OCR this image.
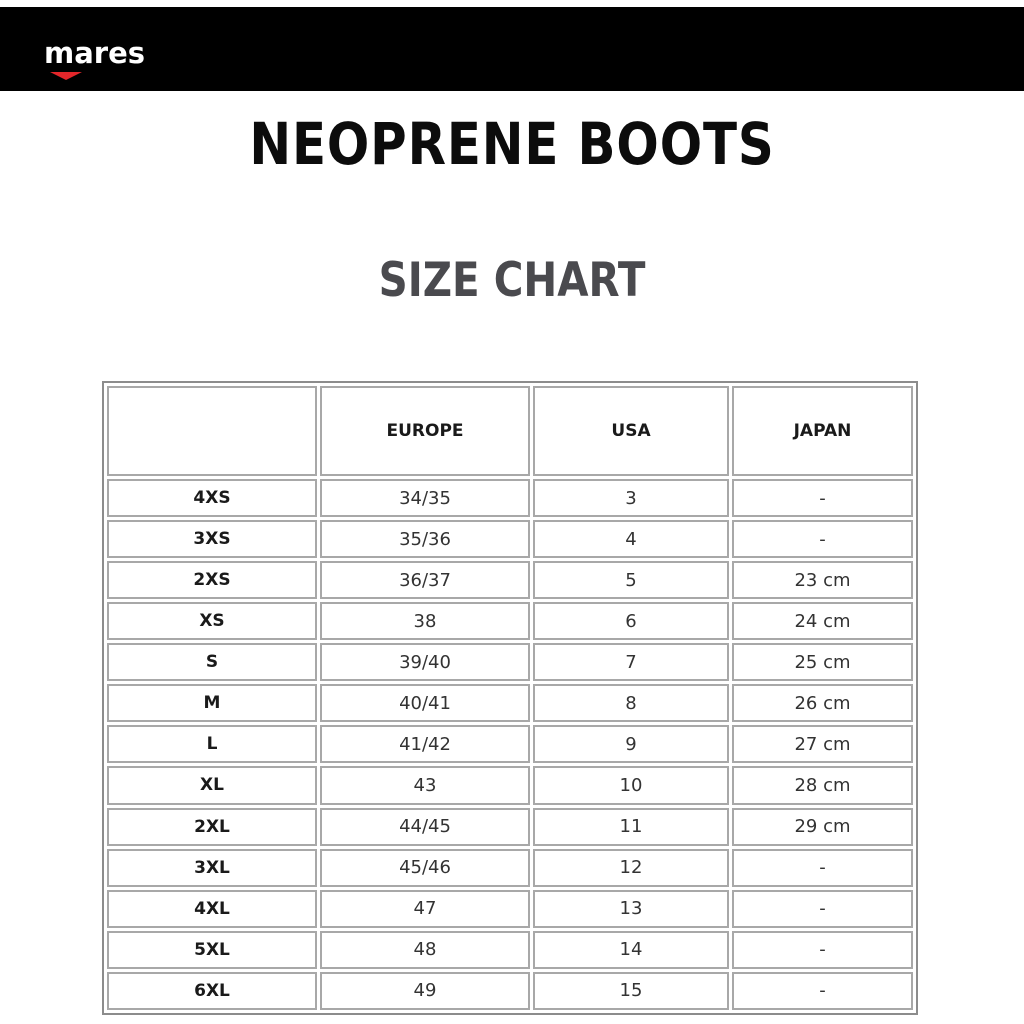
mares
NEOPRENE BOOTS
SIZE CHART
	EUROPE	USA	JAPAN
4XS	34/35	3	-
3XS	35/36	4	-
2XS	36/37	5	23 cm
XS	38	6	24 cm
S	39/40	7	25 cm
M	40/41	8	26 cm
L	41/42	9	27 cm
XL	43	10	28 cm
2XL	44/45	11	29 cm
3XL	45/46	12	-
4XL	47	13	-
5XL	48	14	-
6XL	49	15	-
